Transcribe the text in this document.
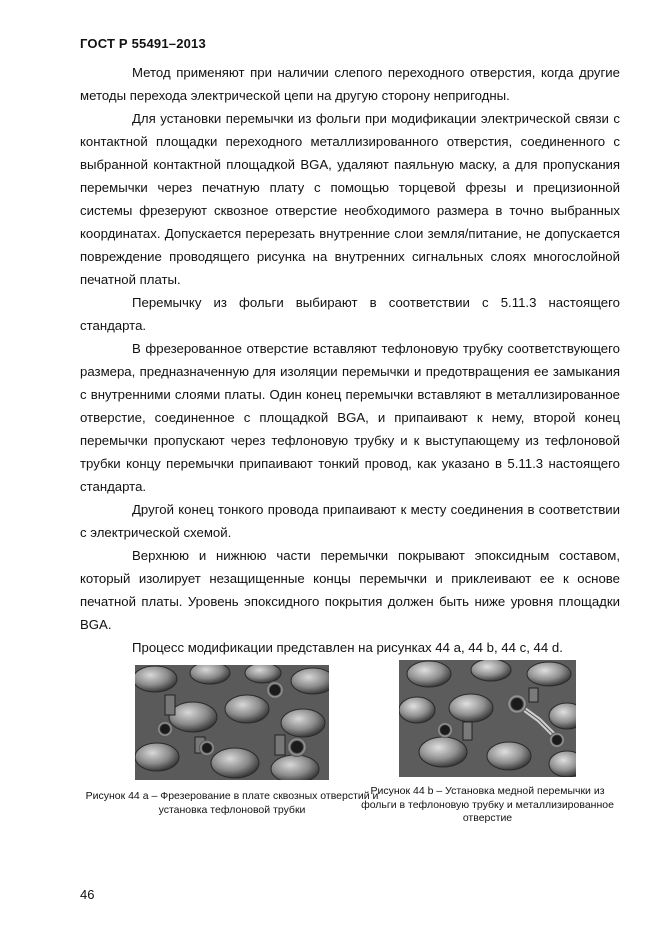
ГОСТ Р 55491–2013

Метод применяют при наличии слепого переходного отверстия, когда другие методы перехода электрической цепи на другую сторону непригодны.

Для установки перемычки из фольги при модификации электрической связи с контактной площадки переходного металлизированного отверстия, соединенного с выбранной контактной площадкой BGA, удаляют паяльную маску, а для пропускания перемычки через печатную плату с помощью торцевой фрезы и прецизионной системы фрезеруют сквозное отверстие необходимого размера в точно выбранных координатах. Допускается перерезать внутренние слои земля/питание, не допускается повреждение проводящего рисунка на внутренних сигнальных слоях многослойной печатной платы.

Перемычку из фольги выбирают в соответствии с 5.11.3 настоящего стандарта.

В фрезерованное отверстие вставляют тефлоновую трубку соответствующего размера, предназначенную для изоляции перемычки и предотвращения ее замыкания с внутренними слоями платы. Один конец перемычки вставляют в металлизированное отверстие, соединенное с площадкой BGA, и припаивают к нему, второй конец перемычки пропускают через тефлоновую трубку и к выступающему из тефлоновой трубки концу перемычки припаивают тонкий провод, как указано в 5.11.3 настоящего стандарта.

Другой конец тонкого провода припаивают к месту соединения в соответствии с электрической схемой.

Верхнюю и нижнюю части перемычки покрывают эпоксидным составом, который изолирует незащищенные концы перемычки и приклеивают ее к основе печатной платы. Уровень эпоксидного покрытия должен быть ниже уровня площадки BGA.

Процесс модификации представлен на рисунках 44 a, 44 b, 44 c, 44 d.

Рисунок 44 a – Фрезерование в плате сквозных отверстий и установка тефлоновой трубки
Рисунок 44 b – Установка медной перемычки из фольги в тефлоновую трубку и металлизированное отверстие
46
